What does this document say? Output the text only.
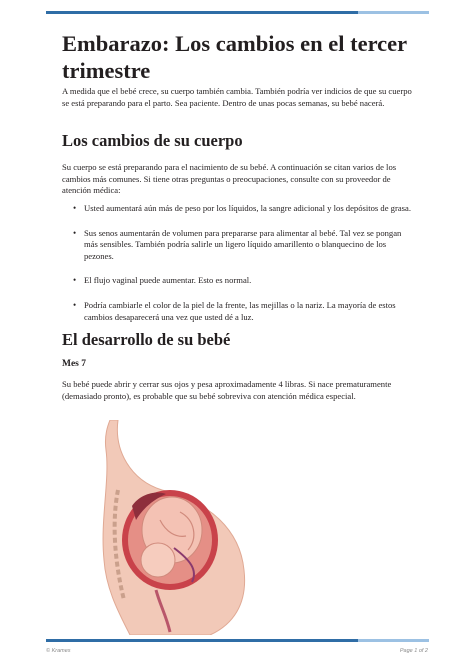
Embarazo: Los cambios en el tercer trimestre

A medida que el bebé crece, su cuerpo también cambia. También podría ver indicios de que su cuerpo se está preparando para el parto. Sea paciente. Dentro de unas pocas semanas, su bebé nacerá.

Los cambios de su cuerpo

Su cuerpo se está preparando para el nacimiento de su bebé. A continuación se citan varios de los cambios más comunes. Si tiene otras preguntas o preocupaciones, consulte con su proveedor de atención médica:

• Usted aumentará aún más de peso por los líquidos, la sangre adicional y los depósitos de grasa.
• Sus senos aumentarán de volumen para prepararse para alimentar al bebé. Tal vez se pongan más sensibles. También podría salirle un ligero líquido amarillento o blanquecino de los pezones.
• El flujo vaginal puede aumentar. Esto es normal.
• Podría cambiarle el color de la piel de la frente, las mejillas o la nariz. La mayoría de estos cambios desaparecerá una vez que usted dé a luz.
El desarrollo de su bebé
Mes 7

Su bebé puede abrir y cerrar sus ojos y pesa aproximadamente 4 libras. Si nace prematuramente (demasiado pronto), es probable que su bebé sobreviva con atención médica especial.

© Krames	Page 1 of 2
